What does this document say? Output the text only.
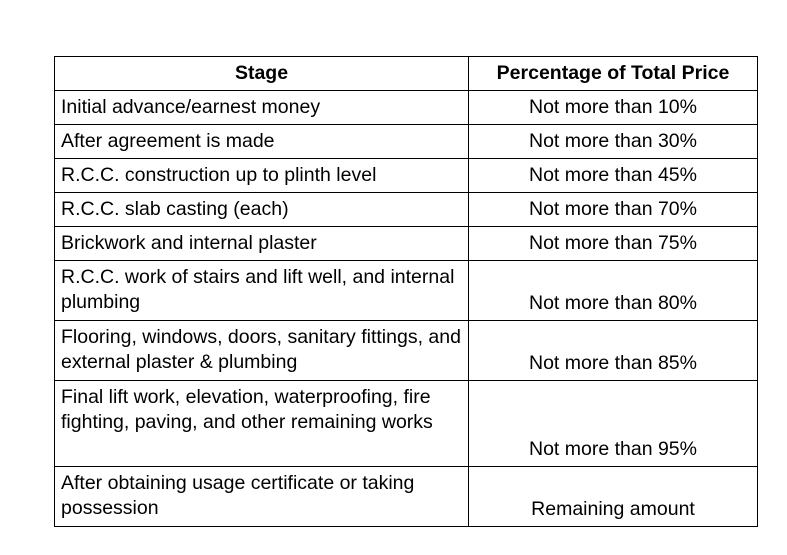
Stage	Percentage of Total Price
Initial advance/earnest money	Not more than 10%
After agreement is made	Not more than 30%
R.C.C. construction up to plinth level	Not more than 45%
R.C.C. slab casting (each)	Not more than 70%
Brickwork and internal plaster	Not more than 75%
R.C.C. work of stairs and lift well, and internal plumbing	Not more than 80%
Flooring, windows, doors, sanitary fittings, and external plaster & plumbing	Not more than 85%
Final lift work, elevation, waterproofing, fire fighting, paving, and other remaining works	Not more than 95%
After obtaining usage certificate or taking possession	Remaining amount
